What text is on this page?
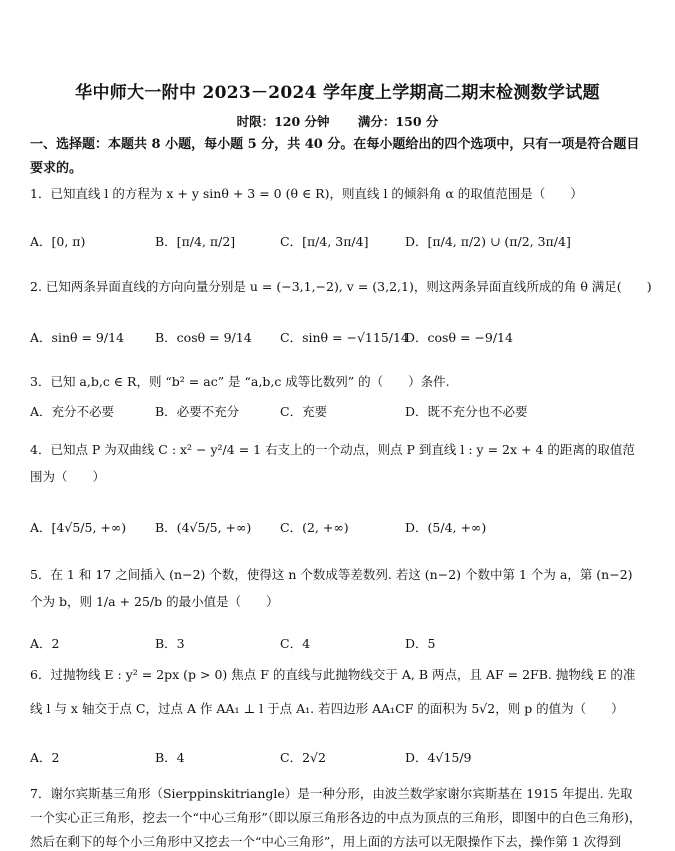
华中师大一附中 2023－2024 学年度上学期高二期末检测数学试题
时限：120 分钟 满分：150 分
一、选择题：本题共 8 小题，每小题 5 分，共 40 分。在每小题给出的四个选项中，只有一项是符合题目要求的。
1．已知直线 l 的方程为 x + y sinθ + 3 = 0 (θ ∈ R)，则直线 l 的倾斜角 α 的取值范围是（　　）
A．[0, π)	B．[π/4, π/2]	C．[π/4, 3π/4]	D．[π/4, π/2) ∪ (π/2, 3π/4]
2. 已知两条异面直线的方向向量分别是 u = (−3,1,−2), v = (3,2,1)，则这两条异面直线所成的角 θ 满足(　　)
A．sinθ = 9/14 B．cosθ = 9/14 C．sinθ = −√115/14
D．cosθ = −9/14
3．已知 a,b,c ∈ R，则 “b² = ac” 是 “a,b,c 成等比数列” 的（　　）条件.
A．充分不必要	B．必要不充分	C．充要	D．既不充分也不必要
4．已知点 P 为双曲线 C : x² − y²/4 = 1 右支上的一个动点，则点 P 到直线 l : y = 2x + 4 的距离的取值范围为（　　）
A．[4√5/5, +∞) B．(4√5/5, +∞) C．(2, +∞)	D．(5/4, +∞)
5．在 1 和 17 之间插入 (n−2) 个数，使得这 n 个数成等差数列. 若这 (n−2) 个数中第 1 个为 a，第 (n−2) 个为 b，则 1/a + 25/b 的最小值是（　　）
A．2	B．3	C．4	D．5
6．过抛物线 E : y² = 2px (p > 0) 焦点 F 的直线与此抛物线交于 A, B 两点，且 AF = 2FB. 抛物线 E 的准线 l 与 x 轴交于点 C，过点 A 作 AA₁ ⊥ l 于点 A₁. 若四边形 AA₁CF 的面积为 5√2，则 p 的值为（　　）
A．2	B．4	C．2√2	D．4√15/9
7．谢尔宾斯基三角形（Sierppinskitriangle）是一种分形，由波兰数学家谢尔宾斯基在 1915 年提出. 先取一个实心正三角形，挖去一个“中心三角形”（即以原三角形各边的中点为顶点的三角形，即图中的白色三角形)，然后在剩下的每个小三角形中又挖去一个“中心三角形”，用上面的方法可以无限操作下去，操作第 1 次得到
